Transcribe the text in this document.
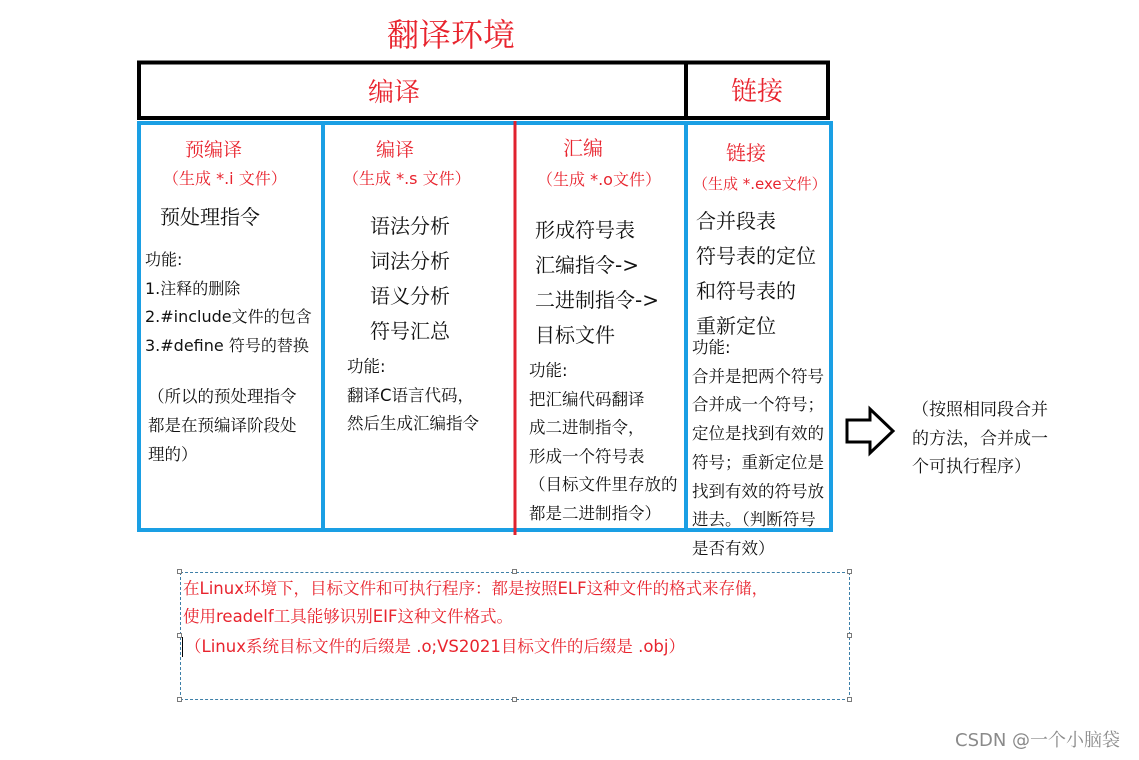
翻译环境
编译	链接
预编译
（生成 *.i 文件）
预处理指令
功能:
1.注释的删除
2.#include文件的包含
3.#define 符号的替换
（所以的预处理指令
都是在预编译阶段处
理的）
编译
（生成 *.s 文件）
语法分析
词法分析
语义分析
符号汇总
功能:
翻译C语言代码，
然后生成汇编指令
汇编
（生成 *.o文件）
形成符号表
汇编指令->
二进制指令->
目标文件
功能:
把汇编代码翻译
成二进制指令，
形成一个符号表
（目标文件里存放的
都是二进制指令）
链接
（生成 *.exe文件）
合并段表
符号表的定位
和符号表的
重新定位
功能:
合并是把两个符号
合并成一个符号；
定位是找到有效的
符号；重新定位是
找到有效的符号放
进去。（判断符号
是否有效）
（按照相同段合并
的方法，合并成一
个可执行程序）
在Linux环境下，目标文件和可执行程序：都是按照ELF这种文件的格式来存储，
使用readelf工具能够识别EIF这种文件格式。
（Linux系统目标文件的后缀是 .o;VS2021目标文件的后缀是 .obj）
CSDN @一个小脑袋
